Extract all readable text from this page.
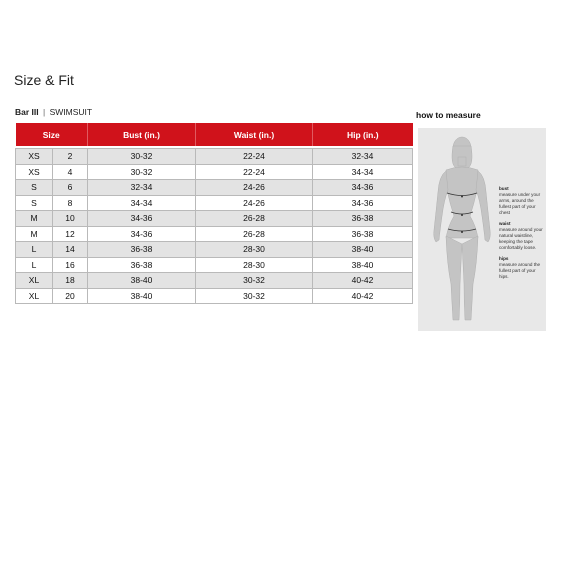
Size & Fit
Bar III | SWIMSUIT
Size		Bust (in.)	Waist (in.)	Hip (in.)

XS	2	30-32	22-24	32-34
XS	4	30-32	22-24	34-34
S	6	32-34	24-26	34-36
S	8	34-34	24-26	34-36
M	10	34-36	26-28	36-38
M	12	34-36	26-28	36-38
L	14	36-38	28-30	38-40
L	16	36-38	28-30	38-40
XL	18	38-40	30-32	40-42
XL	20	38-40	30-32	40-42
how to measure
bust
measure under your arms, around the fullest part of your chest
waist
measure around your natural waistline, keeping the tape comfortably loose.
hips
measure around the fullest part of your hips.
